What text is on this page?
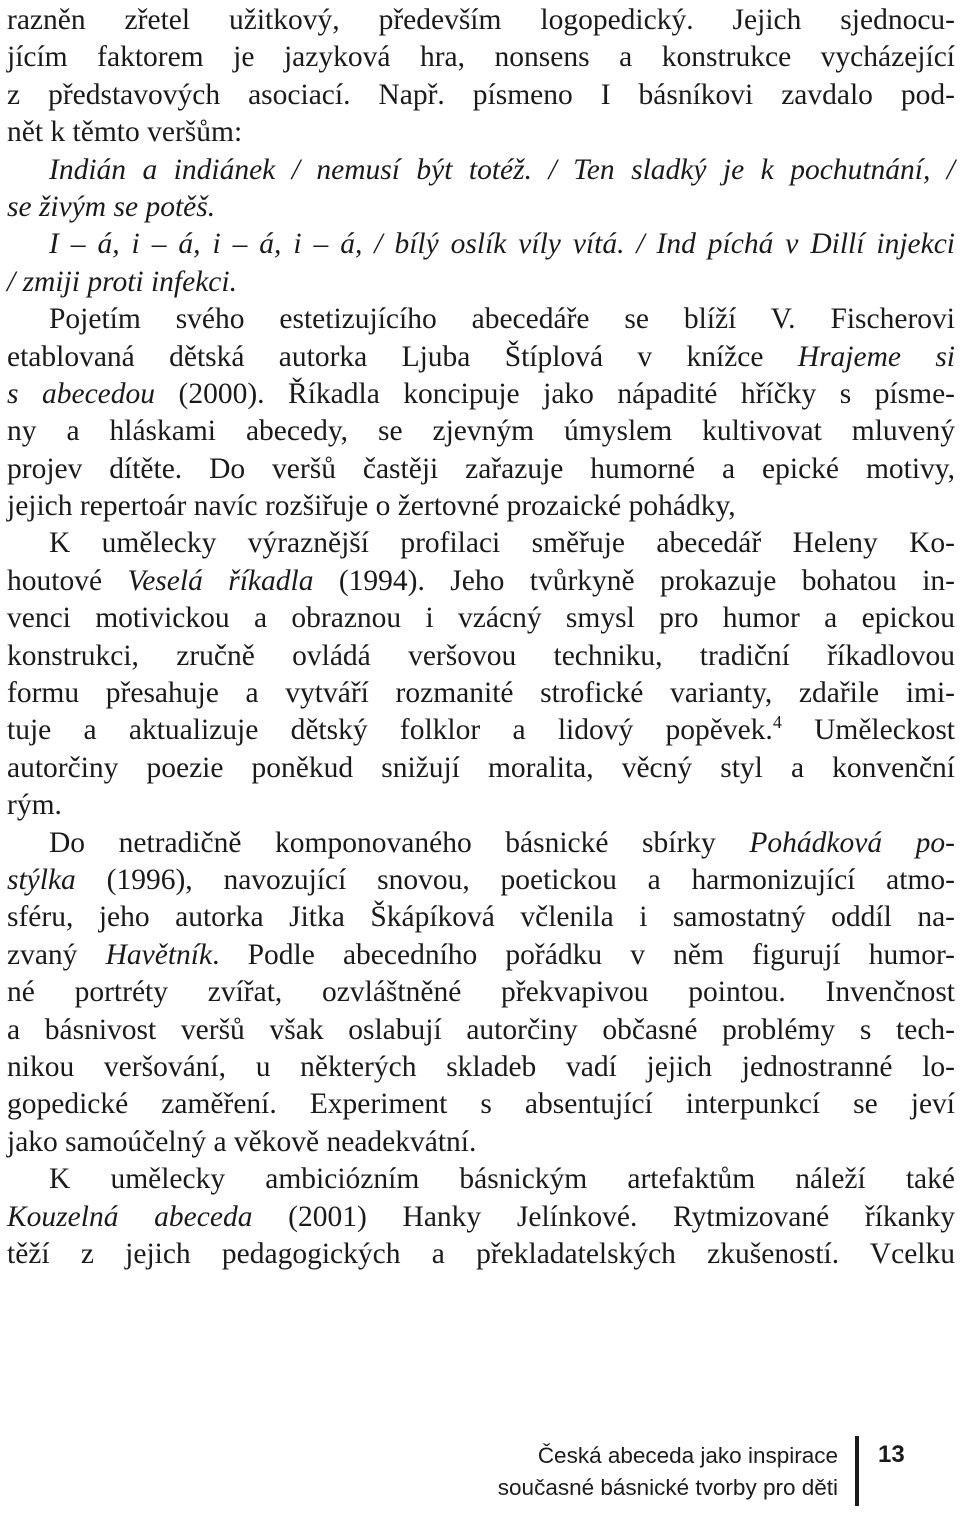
razněn zřetel užitkový, především logopedický. Jejich sjednocu-
jícím faktorem je jazyková hra, nonsens a konstrukce vycházející
z představových asociací. Např. písmeno I básníkovi zavdalo pod-
nět k těmto veršům:
Indián a indiánek / nemusí být totéž. / Ten sladký je k pochutnání, /
se živým se potěš.
I – á, i – á, i – á, i – á, / bílý oslík víly vítá. / Ind píchá v Dillí injekci
/ zmiji proti infekci.
Pojetím svého estetizujícího abecedáře se blíží V. Fischerovi
etablovaná dětská autorka Ljuba Štíplová v knížce Hrajeme si
s abecedou (2000). Říkadla koncipuje jako nápadité hříčky s písme-
ny a hláskami abecedy, se zjevným úmyslem kultivovat mluvený
projev dítěte. Do veršů častěji zařazuje humorné a epické motivy,
jejich repertoár navíc rozšiřuje o žertovné prozaické pohádky,
K umělecky výraznější profilaci směřuje abecedář Heleny Ko-
houtové Veselá říkadla (1994). Jeho tvůrkyně prokazuje bohatou in-
venci motivickou a obraznou i vzácný smysl pro humor a epickou
konstrukci, zručně ovládá veršovou techniku, tradiční říkadlovou
formu přesahuje a vytváří rozmanité strofické varianty, zdařile imi-
tuje a aktualizuje dětský folklor a lidový popěvek.$^4$ Uměleckost
autorčiny poezie poněkud snižují moralita, věcný styl a konvenční
rým.
Do netradičně komponovaného básnické sbírky Pohádková po-
stýlka (1996), navozující snovou, poetickou a harmonizující atmo-
sféru, jeho autorka Jitka Škápíková včlenila i samostatný oddíl na-
zvaný Havětník. Podle abecedního pořádku v něm figurují humor-
né portréty zvířat, ozvláštněné překvapivou pointou. Invenčnost
a básnivost veršů však oslabují autorčiny občasné problémy s tech-
nikou veršování, u některých skladeb vadí jejich jednostranné lo-
gopedické zaměření. Experiment s absentující interpunkcí se jeví
jako samoúčelný a věkově neadekvátní.
K umělecky ambiciózním básnickým artefaktům náleží také
Kouzelná abeceda (2001) Hanky Jelínkové. Rytmizované říkanky
těží z jejich pedagogických a překladatelských zkušeností. Vcelku
Česká abeceda jako inspirace
současné básnické tvorby pro děti
13
